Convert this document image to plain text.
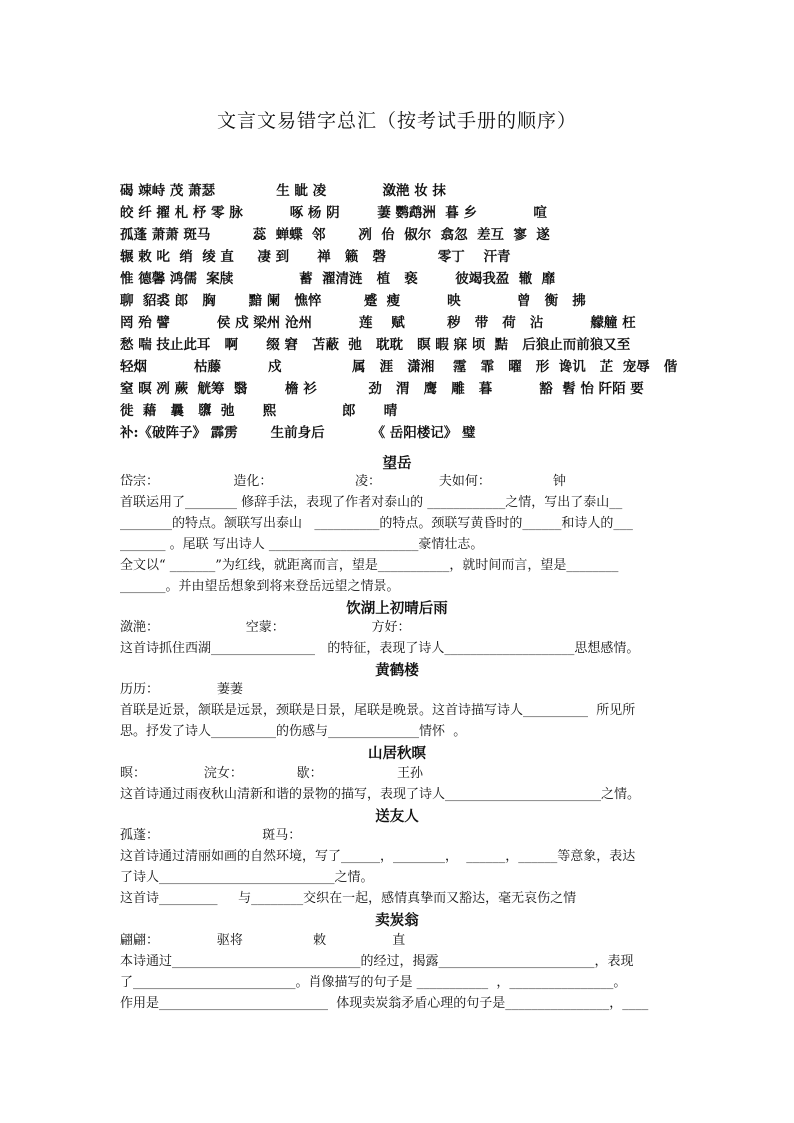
文言文易错字总汇（按考试手册的顺序）
碣 竦峙 茂 萧瑟             生 眦 凌            潋滟 妆 抹
皎 纤 擢 札 杼 零 脉          啄 杨 阴        萋 鹦鹉洲  暮 乡            喧
孤蓬 萧萧 斑马         蕊  蝉蝶  邻       冽  佁  俶尔  翕忽  差互  寥  遂
辗 敕 叱  绡  绫 直     凄 到      禅   籁   磬           零丁    汗青
惟 德馨 鸿儒  案牍              蓄  濯清涟   植   亵        彼竭我盈  辙  靡
聊  貂裘 郎   胸       黯 阑   憔悴         蹙  瘦          映            曾   衡   拂
罔 殆 譬          侯 戍 梁州 沧州          莲    赋         秽   带   荷   沾          艨艟 枉
愁 喘 技止此耳   啊      缀 窘   苫蔽  弛   耽耽   瞑 暇 寐 顷  黠   后狼止而前狼又至
轻烟          枯藤          戍               属   涯   潇湘    霪   霏   曜   形  谗讥   芷  宠辱   偕
窒 暝 冽 蕨  觥筹  翳        檐 衫           劲   渭   鹰   雕   暮          豁  髫 怡 阡陌 要
徙  藉   曩   隳  弛      熙              郎      晴
补:《破阵子》 霹雳       生前身后          《 岳阳楼记》 璧
望岳
岱宗：                  造化：                    凌：              夫如何：               钟
首联运用了________ 修辞手法，表现了作者对泰山的 ____________之情，写出了泰山__
________的特点。颔联写出泰山   __________的特点。颈联写黄昏时的______和诗人的___
_______ 。尾联 写出诗人 _______________________豪情壮志。
全文以“ _______”为红线，就距离而言，望是___________，就时间而言，望是________
_______。并由望岳想象到将来登岳远望之情景。
饮湖上初晴后雨
潋滟：                     空蒙：                     方好：
这首诗抓住西湖________________   的特征，表现了诗人____________________思想感情。
黄鹤楼
历历：              萋萋
首联是近景，颔联是远景，颈联是日景，尾联是晚景。这首诗描写诗人__________  所见所
思。抒发了诗人__________的伤感与______________情怀  。
山居秋暝
暝：              浣女：             歇：                  王孙
这首诗通过雨夜秋山清新和谐的景物的描写，表现了诗人________________________之情。
送友人
孤蓬：                         斑马：
这首诗通过清丽如画的自然环境，写了______，________，  ______，______等意象，表达
了诗人___________________________之情。
这首诗_________     与________交织在一起，感情真挚而又豁达，毫无哀伤之情
卖炭翁
翩翩：              驱将                 敕                直
本诗通过_____________________________的经过，揭露________________________，表现
了_________________________。肖像描写的句子是 ___________  ，________________。
作用是__________________________  体现卖炭翁矛盾心理的句子是________________，____
